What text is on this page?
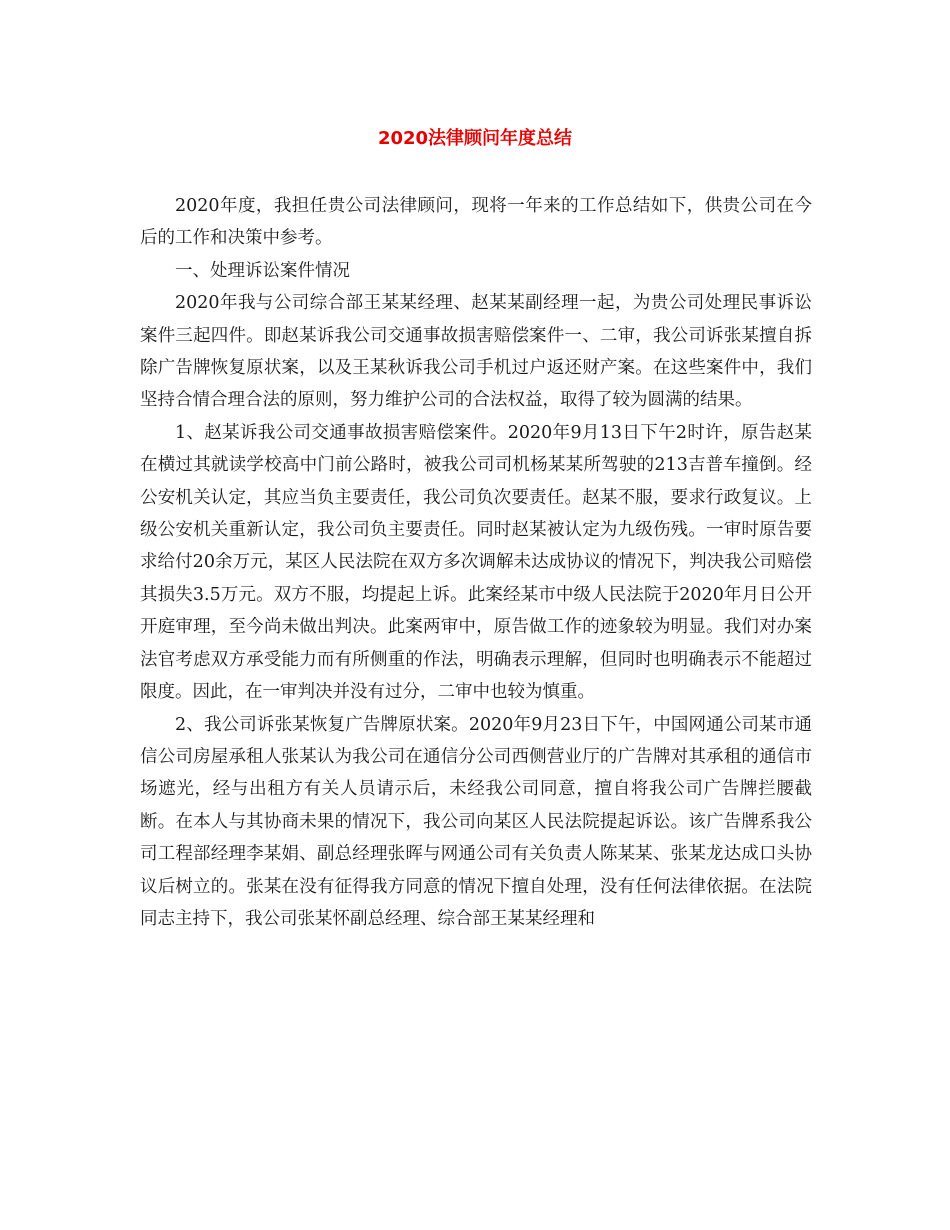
2020法律顾问年度总结

2020年度，我担任贵公司法律顾问，现将一年来的工作总结如下，供贵公司在今后的工作和决策中参考。

一、处理诉讼案件情况

2020年我与公司综合部王某某经理、赵某某副经理一起，为贵公司处理民事诉讼案件三起四件。即赵某诉我公司交通事故损害赔偿案件一、二审，我公司诉张某擅自拆除广告牌恢复原状案，以及王某秋诉我公司手机过户返还财产案。在这些案件中，我们坚持合情合理合法的原则，努力维护公司的合法权益，取得了较为圆满的结果。

1、赵某诉我公司交通事故损害赔偿案件。2020年9月13日下午2时许，原告赵某在横过其就读学校高中门前公路时，被我公司司机杨某某所驾驶的213吉普车撞倒。经公安机关认定，其应当负主要责任，我公司负次要责任。赵某不服，要求行政复议。上级公安机关重新认定，我公司负主要责任。同时赵某被认定为九级伤残。一审时原告要求给付20余万元，某区人民法院在双方多次调解未达成协议的情况下，判决我公司赔偿其损失3.5万元。双方不服，均提起上诉。此案经某市中级人民法院于2020年月日公开开庭审理，至今尚未做出判决。此案两审中，原告做工作的迹象较为明显。我们对办案法官考虑双方承受能力而有所侧重的作法，明确表示理解，但同时也明确表示不能超过限度。因此，在一审判决并没有过分，二审中也较为慎重。

2、我公司诉张某恢复广告牌原状案。2020年9月23日下午，中国网通公司某市通信公司房屋承租人张某认为我公司在通信分公司西侧营业厅的广告牌对其承租的通信市场遮光，经与出租方有关人员请示后，未经我公司同意，擅自将我公司广告牌拦腰截断。在本人与其协商未果的情况下，我公司向某区人民法院提起诉讼。该广告牌系我公司工程部经理李某娟、副总经理张晖与网通公司有关负责人陈某某、张某龙达成口头协议后树立的。张某在没有征得我方同意的情况下擅自处理，没有任何法律依据。在法院同志主持下，我公司张某怀副总经理、综合部王某某经理和
